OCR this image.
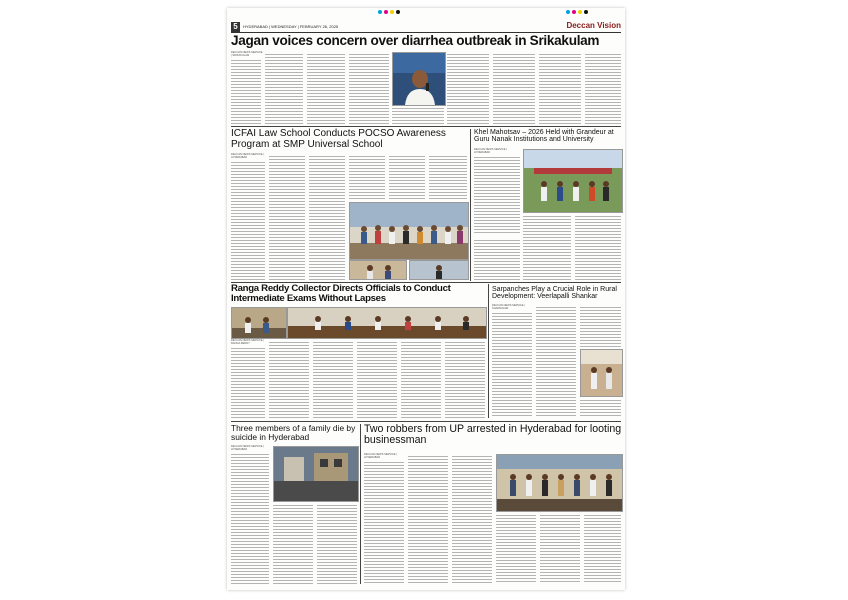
5	HYDERABAD | WEDNESDAY | FEBRUARY 26, 2025	Deccan Vision
Jagan voices concern over diarrhea outbreak in Srikakulam
DECCAN NEWS SERVICE | SRIKAKULAM
ICFAI Law School Conducts POCSO Awareness Program at SMP Universal School
DECCAN NEWS SERVICE | HYDERABAD
Khel Mahotsav – 2026 Held with Grandeur at Guru Nanak Institutions and University
DECCAN NEWS SERVICE | HYDERABAD
Ranga Reddy Collector Directs Officials to Conduct Intermediate Exams Without Lapses
DECCAN NEWS SERVICE | RANGA REDDY
Sarpanches Play a Crucial Role in Rural Development: Veerlapalli Shankar
DECCAN NEWS SERVICE | SHADNAGAR
Three members of a family die by suicide in Hyderabad
DECCAN NEWS SERVICE | HYDERABAD
Two robbers from UP arrested in Hyderabad for looting businessman
DECCAN NEWS SERVICE | HYDERABAD
